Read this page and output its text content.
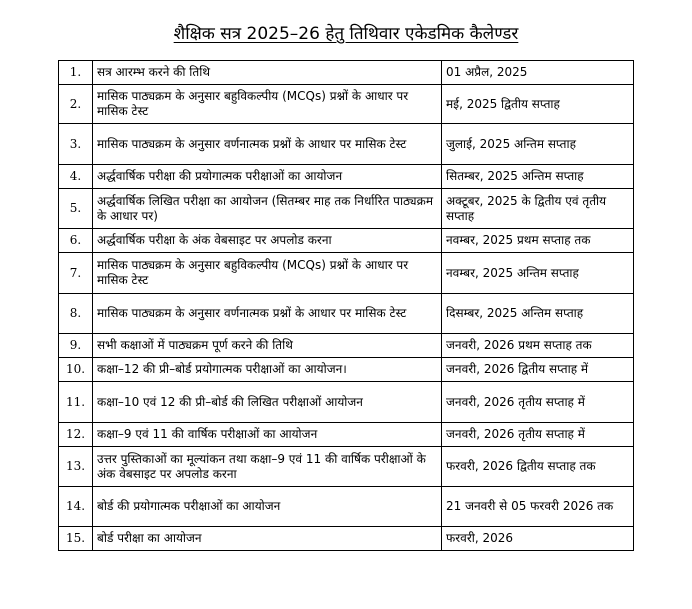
शैक्षिक सत्र 2025–26 हेतु तिथिवार एकेडमिक कैलेण्डर
1.	सत्र आरम्भ करने की तिथि	01 अप्रैल, 2025
2.	मासिक पाठ्यक्रम के अनुसार बहुविकल्पीय (MCQs) प्रश्नों के आधार पर मासिक टेस्ट	मई, 2025 द्वितीय सप्ताह
3.	मासिक पाठ्यक्रम के अनुसार वर्णनात्मक प्रश्नों के आधार पर मासिक टेस्ट	जुलाई, 2025 अन्तिम सप्ताह
4.	अर्द्धवार्षिक परीक्षा की प्रयोगात्मक परीक्षाओं का आयोजन	सितम्बर, 2025 अन्तिम सप्ताह
5.	अर्द्धवार्षिक लिखित परीक्षा का आयोजन (सितम्बर माह तक निर्धारित पाठ्यक्रम के आधार पर)	अक्टूबर, 2025 के द्वितीय एवं तृतीय सप्ताह
6.	अर्द्धवार्षिक परीक्षा के अंक वेबसाइट पर अपलोड करना	नवम्बर, 2025 प्रथम सप्ताह तक
7.	मासिक पाठ्यक्रम के अनुसार बहुविकल्पीय (MCQs) प्रश्नों के आधार पर मासिक टेस्ट	नवम्बर, 2025 अन्तिम सप्ताह
8.	मासिक पाठ्यक्रम के अनुसार वर्णनात्मक प्रश्नों के आधार पर मासिक टेस्ट	दिसम्बर, 2025 अन्तिम सप्ताह
9.	सभी कक्षाओं में पाठ्यक्रम पूर्ण करने की तिथि	जनवरी, 2026 प्रथम सप्ताह तक
10.	कक्षा–12 की प्री–बोर्ड प्रयोगात्मक परीक्षाओं का आयोजन।	जनवरी, 2026 द्वितीय सप्ताह में
11.	कक्षा–10 एवं 12 की प्री–बोर्ड की लिखित परीक्षाओं आयोजन	जनवरी, 2026 तृतीय सप्ताह में
12.	कक्षा–9 एवं 11 की वार्षिक परीक्षाओं का आयोजन	जनवरी, 2026 तृतीय सप्ताह में
13.	उत्तर पुस्तिकाओं का मूल्यांकन तथा कक्षा–9 एवं 11 की वार्षिक परीक्षाओं के अंक वेबसाइट पर अपलोड करना	फरवरी, 2026 द्वितीय सप्ताह तक
14.	बोर्ड की प्रयोगात्मक परीक्षाओं का आयोजन	21 जनवरी से 05 फरवरी 2026 तक
15.	बोर्ड परीक्षा का आयोजन	फरवरी, 2026
